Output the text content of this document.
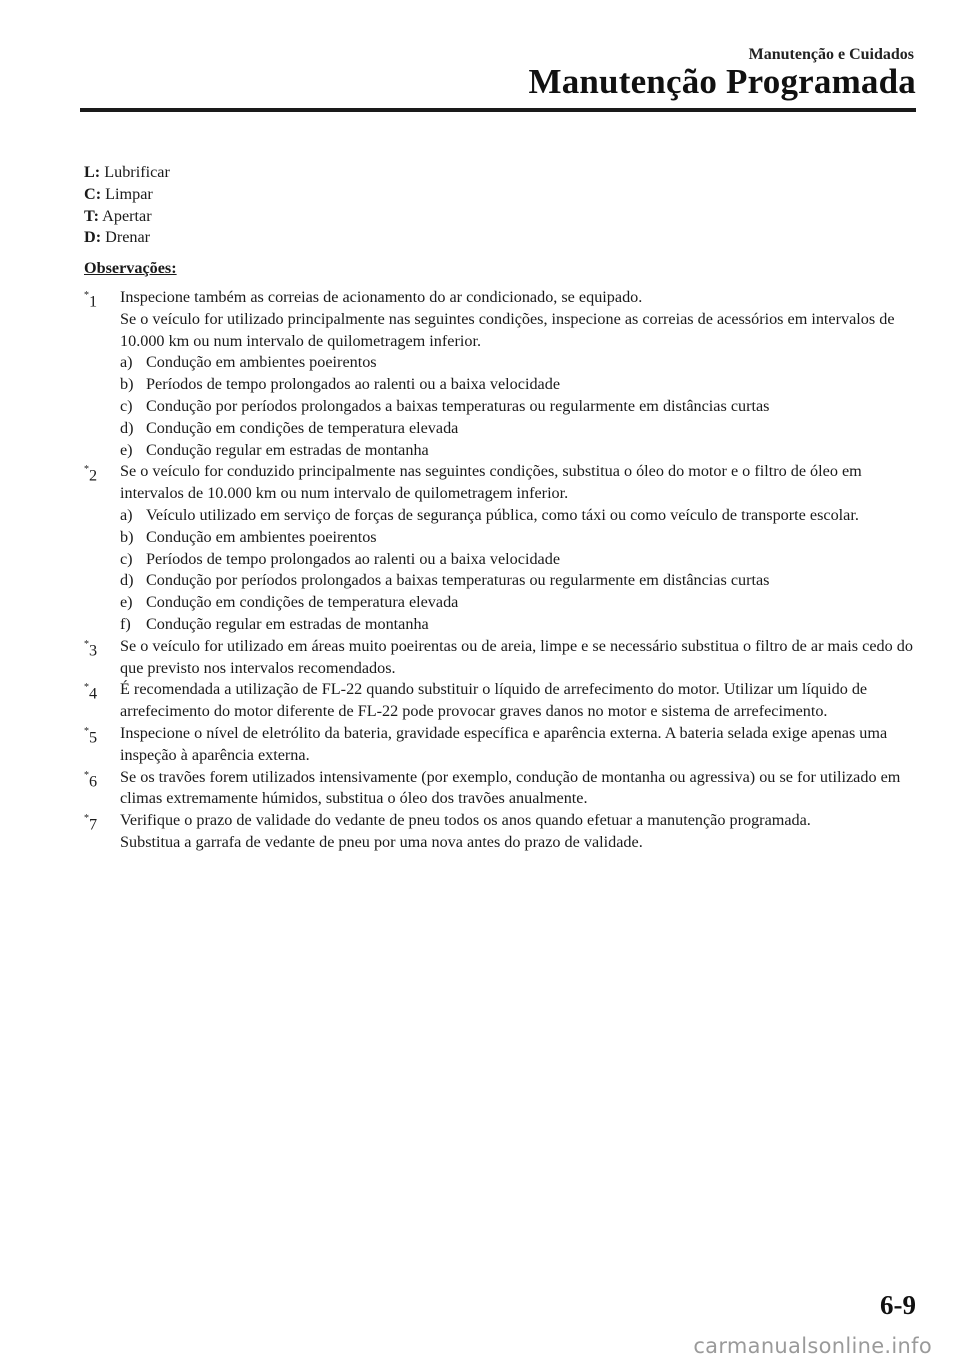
Manutenção e Cuidados
Manutenção Programada
L: Lubrificar
C: Limpar
T: Apertar
D: Drenar
Observações:
*1	Inspecione também as correias de acionamento do ar condicionado, se equipado.
Se o veículo for utilizado principalmente nas seguintes condições, inspecione as correias de acessórios em intervalos de 10.000 km ou num intervalo de quilometragem inferior.
a) Condução em ambientes poeirentos
b) Períodos de tempo prolongados ao ralenti ou a baixa velocidade
c) Condução por períodos prolongados a baixas temperaturas ou regularmente em distâncias curtas
d) Condução em condições de temperatura elevada
e) Condução regular em estradas de montanha
*2	Se o veículo for conduzido principalmente nas seguintes condições, substitua o óleo do motor e o filtro de óleo em intervalos de 10.000 km ou num intervalo de quilometragem inferior.
a) Veículo utilizado em serviço de forças de segurança pública, como táxi ou como veículo de transporte escolar.
b) Condução em ambientes poeirentos
c) Períodos de tempo prolongados ao ralenti ou a baixa velocidade
d) Condução por períodos prolongados a baixas temperaturas ou regularmente em distâncias curtas
e) Condução em condições de temperatura elevada
f) Condução regular em estradas de montanha
*3	Se o veículo for utilizado em áreas muito poeirentas ou de areia, limpe e se necessário substitua o filtro de ar mais cedo do que previsto nos intervalos recomendados.
*4	É recomendada a utilização de FL-22 quando substituir o líquido de arrefecimento do motor. Utilizar um líquido de arrefecimento do motor diferente de FL-22 pode provocar graves danos no motor e sistema de arrefecimento.
*5	Inspecione o nível de eletrólito da bateria, gravidade específica e aparência externa. A bateria selada exige apenas uma inspeção à aparência externa.
*6	Se os travões forem utilizados intensivamente (por exemplo, condução de montanha ou agressiva) ou se for utilizado em climas extremamente húmidos, substitua o óleo dos travões anualmente.
*7	Verifique o prazo de validade do vedante de pneu todos os anos quando efetuar a manutenção programada.
Substitua a garrafa de vedante de pneu por uma nova antes do prazo de validade.
6-9
carmanualsonline.info
